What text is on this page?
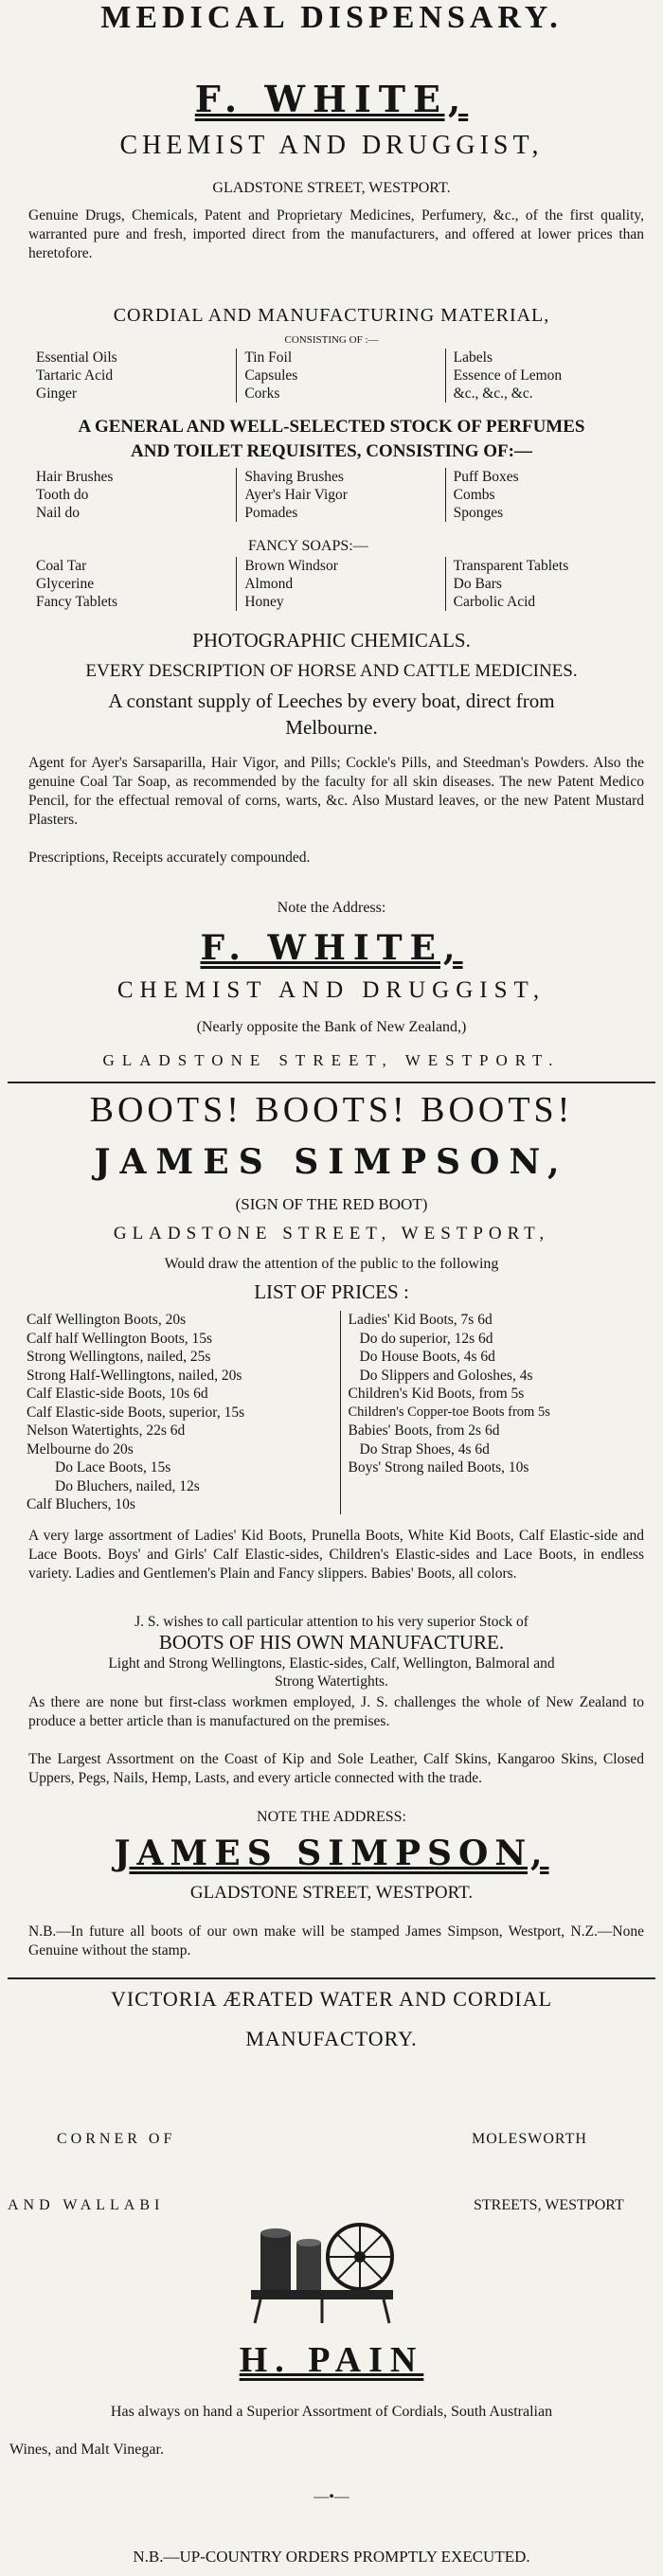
MEDICAL DISPENSARY.
F. WHITE,
CHEMIST AND DRUGGIST,
GLADSTONE STREET, WESTPORT.
Genuine Drugs, Chemicals, Patent and Proprietary Medicines, Perfumery, &c., of the first quality, warranted pure and fresh, imported direct from the manufacturers, and offered at lower prices than heretofore.
CORDIAL AND MANUFACTURING MATERIAL,
CONSISTING OF :—
Essential Oils
Tartaric Acid
Ginger
Tin Foil
Capsules
Corks
Labels
Essence of Lemon
&c., &c., &c.
A GENERAL AND WELL-SELECTED STOCK OF PERFUMES
AND TOILET REQUISITES, CONSISTING OF:—
Hair Brushes
Tooth do
Nail do
Shaving Brushes
Ayer's Hair Vigor
Pomades
Puff Boxes
Combs
Sponges
FANCY SOAPS:—
Coal Tar
Glycerine
Fancy Tablets
Brown Windsor
Almond
Honey
Transparent Tablets
Do Bars
Carbolic Acid
PHOTOGRAPHIC CHEMICALS.
EVERY DESCRIPTION OF HORSE AND CATTLE MEDICINES.
A constant supply of Leeches by every boat, direct from
Melbourne.
Agent for Ayer's Sarsaparilla, Hair Vigor, and Pills; Cockle's Pills, and Steedman's Powders. Also the genuine Coal Tar Soap, as recommended by the faculty for all skin diseases. The new Patent Medico Pencil, for the effectual removal of corns, warts, &c. Also Mustard leaves, or the new Patent Mustard Plasters.
Prescriptions, Receipts accurately compounded.
Note the Address:
F. WHITE,
CHEMIST AND DRUGGIST,
(Nearly opposite the Bank of New Zealand,)
GLADSTONE STREET, WESTPORT.
BOOTS! BOOTS! BOOTS!
JAMES SIMPSON,
(SIGN OF THE RED BOOT)
GLADSTONE STREET, WESTPORT,
Would draw the attention of the public to the following
LIST OF PRICES :
Calf Wellington Boots, 20s
Calf half Wellington Boots, 15s
Strong Wellingtons, nailed, 25s
Strong Half-Wellingtons, nailed, 20s
Calf Elastic-side Boots, 10s 6d
Calf Elastic-side Boots, superior, 15s
Nelson Watertights, 22s 6d
Melbourne do 20s
Do Lace Boots, 15s
Do Bluchers, nailed, 12s
Calf Bluchers, 10s
Ladies' Kid Boots, 7s 6d
Do do superior, 12s 6d
Do House Boots, 4s 6d
Do Slippers and Goloshes, 4s
Children's Kid Boots, from 5s
Children's Copper-toe Boots from 5s
Babies' Boots, from 2s 6d
Do Strap Shoes, 4s 6d
Boys' Strong nailed Boots, 10s
A very large assortment of Ladies' Kid Boots, Prunella Boots, White Kid Boots, Calf Elastic-side and Lace Boots. Boys' and Girls' Calf Elastic-sides, Children's Elastic-sides and Lace Boots, in endless variety. Ladies and Gentlemen's Plain and Fancy slippers. Babies' Boots, all colors.
J. S. wishes to call particular attention to his very superior Stock of
BOOTS OF HIS OWN MANUFACTURE.
Light and Strong Wellingtons, Elastic-sides, Calf, Wellington, Balmoral and
Strong Watertights.
As there are none but first-class workmen employed, J. S. challenges the whole of New Zealand to produce a better article than is manufactured on the premises.
The Largest Assortment on the Coast of Kip and Sole Leather, Calf Skins, Kangaroo Skins, Closed Uppers, Pegs, Nails, Hemp, Lasts, and every article connected with the trade.
NOTE THE ADDRESS:
JAMES SIMPSON,
GLADSTONE STREET, WESTPORT.
N.B.—In future all boots of our own make will be stamped James Simpson, Westport, N.Z.—None Genuine without the stamp.
VICTORIA ÆRATED WATER AND CORDIAL
MANUFACTORY.
CORNER OF	MOLESWORTH
AND WALLABI	STREETS, WESTPORT
H. PAIN
Has always on hand a Superior Assortment of Cordials, South Australian
Wines, and Malt Vinegar.
—•—
N.B.—UP-COUNTRY ORDERS PROMPTLY EXECUTED.
